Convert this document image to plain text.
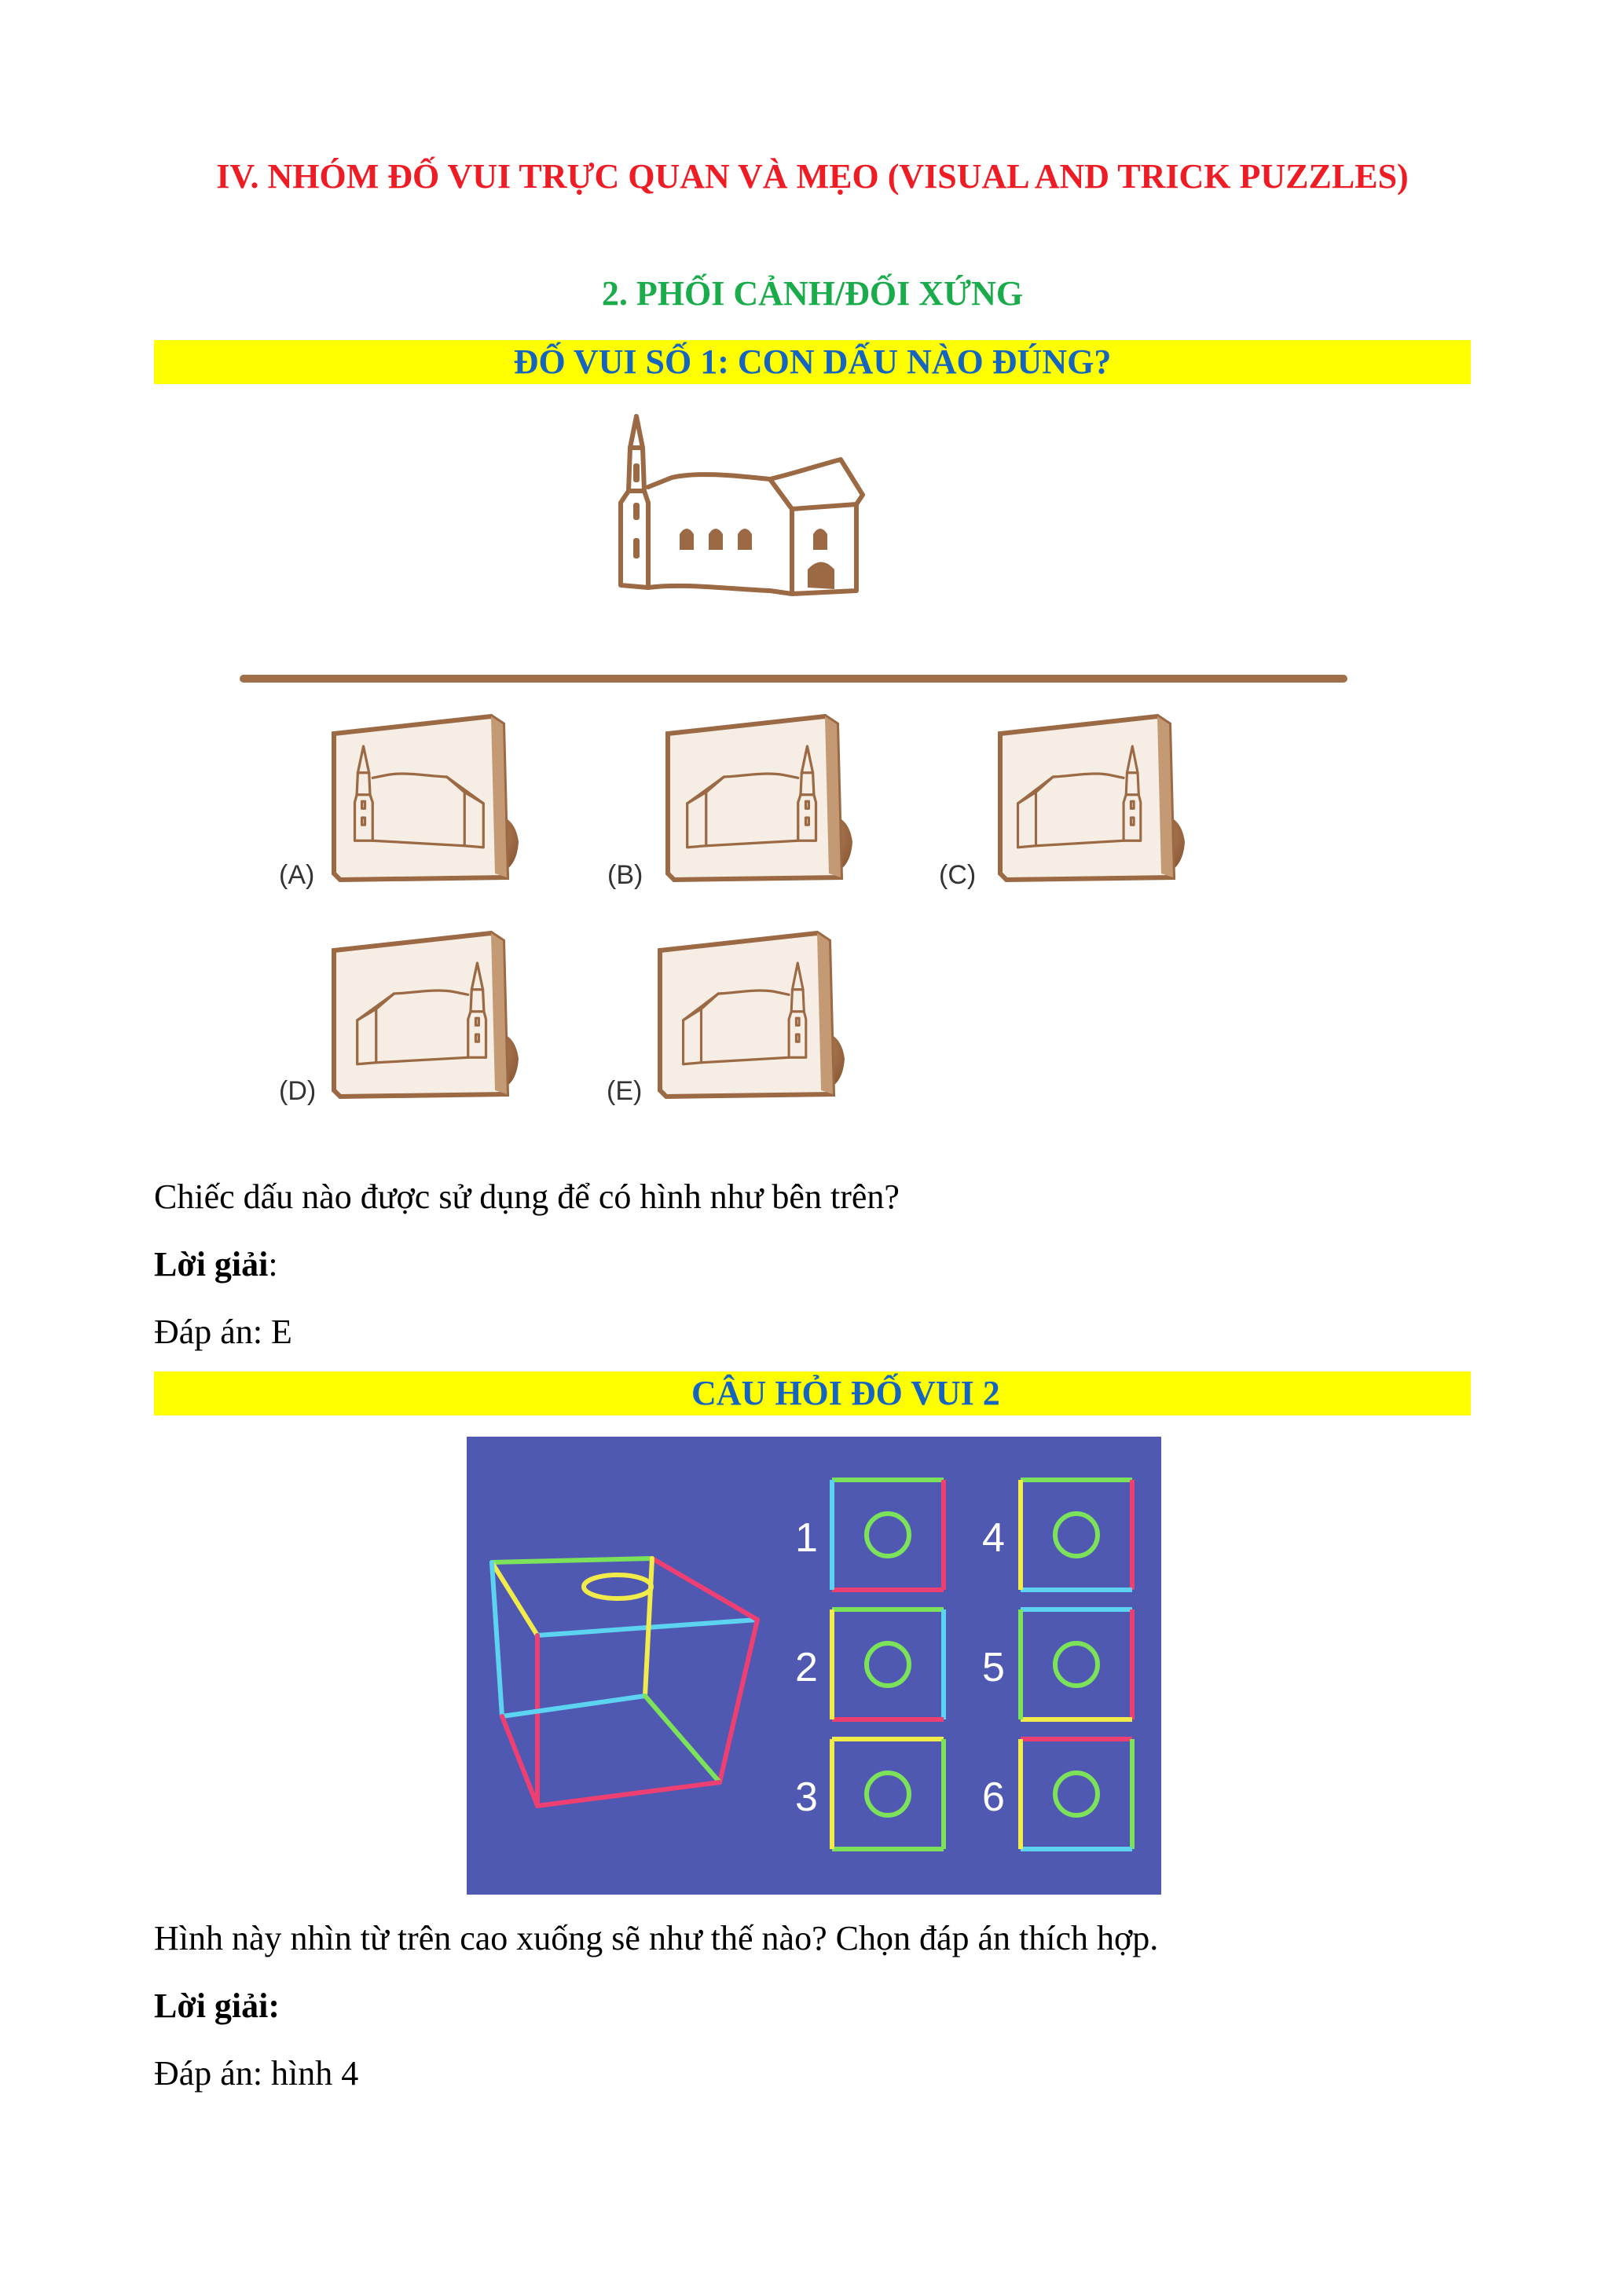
IV. NHÓM ĐỐ VUI TRỰC QUAN VÀ MẸO (VISUAL AND TRICK PUZZLES)
2. PHỐI CẢNH/ĐỐI XỨNG
ĐỐ VUI SỐ 1: CON DẤU NÀO ĐÚNG?
(A)	(B)	(C)
(D)	(E)
Chiếc dấu nào được sử dụng để có hình như bên trên?
Lời giải:
Đáp án: E
CÂU HỎI ĐỐ VUI 2
1
2
3
4
5
6
Hình này nhìn từ trên cao xuống sẽ như thế nào? Chọn đáp án thích hợp.
Lời giải:
Đáp án: hình 4
